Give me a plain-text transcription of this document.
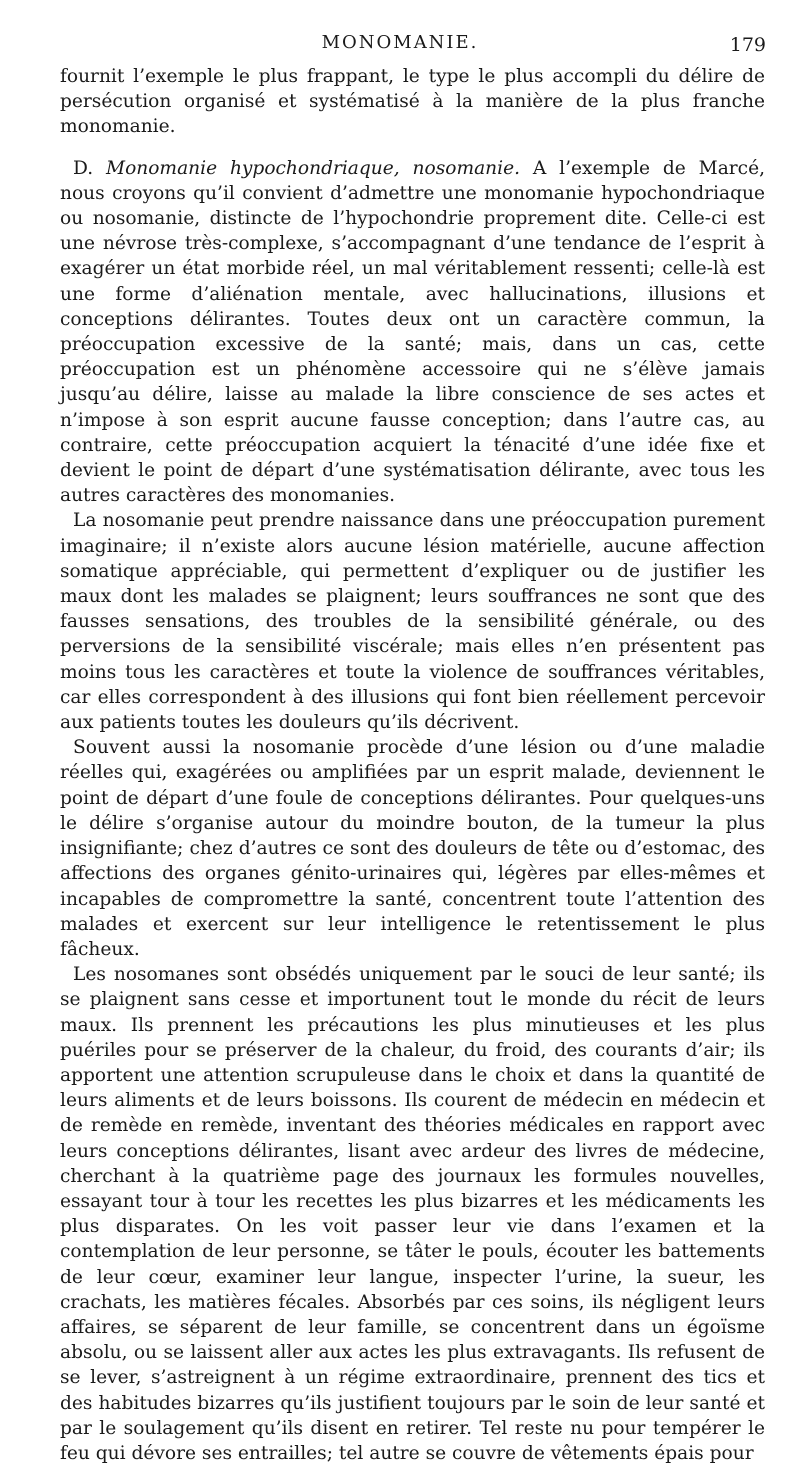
MONOMANIE.	179

fournit l’exemple le plus frappant, le type le plus accompli du délire de persécution organisé et systématisé à la manière de la plus franche monomanie.

D. Monomanie hypochondriaque, nosomanie. A l’exemple de Marcé, nous croyons qu’il convient d’admettre une monomanie hypochondriaque ou nosomanie, distincte de l’hypochondrie proprement dite. Celle-ci est une névrose très-complexe, s’accompagnant d’une tendance de l’esprit à exagérer un état morbide réel, un mal véritablement ressenti; celle-là est une forme d’aliénation mentale, avec hallucinations, illusions et conceptions délirantes. Toutes deux ont un caractère commun, la préoccupation excessive de la santé; mais, dans un cas, cette préoccupation est un phénomène accessoire qui ne s’élève jamais jusqu’au délire, laisse au malade la libre conscience de ses actes et n’impose à son esprit aucune fausse conception; dans l’autre cas, au contraire, cette préoccupation acquiert la ténacité d’une idée fixe et devient le point de départ d’une systématisation délirante, avec tous les autres caractères des monomanies.

La nosomanie peut prendre naissance dans une préoccupation purement imaginaire; il n’existe alors aucune lésion matérielle, aucune affection somatique appréciable, qui permettent d’expliquer ou de justifier les maux dont les malades se plaignent; leurs souffrances ne sont que des fausses sensations, des troubles de la sensibilité générale, ou des perversions de la sensibilité viscérale; mais elles n’en présentent pas moins tous les caractères et toute la violence de souffrances véritables, car elles correspondent à des illusions qui font bien réellement percevoir aux patients toutes les douleurs qu’ils décrivent.

Souvent aussi la nosomanie procède d’une lésion ou d’une maladie réelles qui, exagérées ou amplifiées par un esprit malade, deviennent le point de départ d’une foule de conceptions délirantes. Pour quelques-uns le délire s’organise autour du moindre bouton, de la tumeur la plus insignifiante; chez d’autres ce sont des douleurs de tête ou d’estomac, des affections des organes génito-urinaires qui, légères par elles-mêmes et incapables de compromettre la santé, concentrent toute l’attention des malades et exercent sur leur intelligence le retentissement le plus fâcheux.

Les nosomanes sont obsédés uniquement par le souci de leur santé; ils se plaignent sans cesse et importunent tout le monde du récit de leurs maux. Ils prennent les précautions les plus minutieuses et les plus puériles pour se préserver de la chaleur, du froid, des courants d’air; ils apportent une attention scrupuleuse dans le choix et dans la quantité de leurs aliments et de leurs boissons. Ils courent de médecin en médecin et de remède en remède, inventant des théories médicales en rapport avec leurs conceptions délirantes, lisant avec ardeur des livres de médecine, cherchant à la quatrième page des journaux les formules nouvelles, essayant tour à tour les recettes les plus bizarres et les médicaments les plus disparates. On les voit passer leur vie dans l’examen et la contemplation de leur personne, se tâter le pouls, écouter les battements de leur cœur, examiner leur langue, inspecter l’urine, la sueur, les crachats, les matières fécales. Absorbés par ces soins, ils négligent leurs affaires, se séparent de leur famille, se concentrent dans un égoïsme absolu, ou se laissent aller aux actes les plus extravagants. Ils refusent de se lever, s’astreignent à un régime extraordinaire, prennent des tics et des habitudes bizarres qu’ils justifient toujours par le soin de leur santé et par le soulagement qu’ils disent en retirer. Tel reste nu pour tempérer le feu qui dévore ses entrailles; tel autre se couvre de vêtements épais pour
